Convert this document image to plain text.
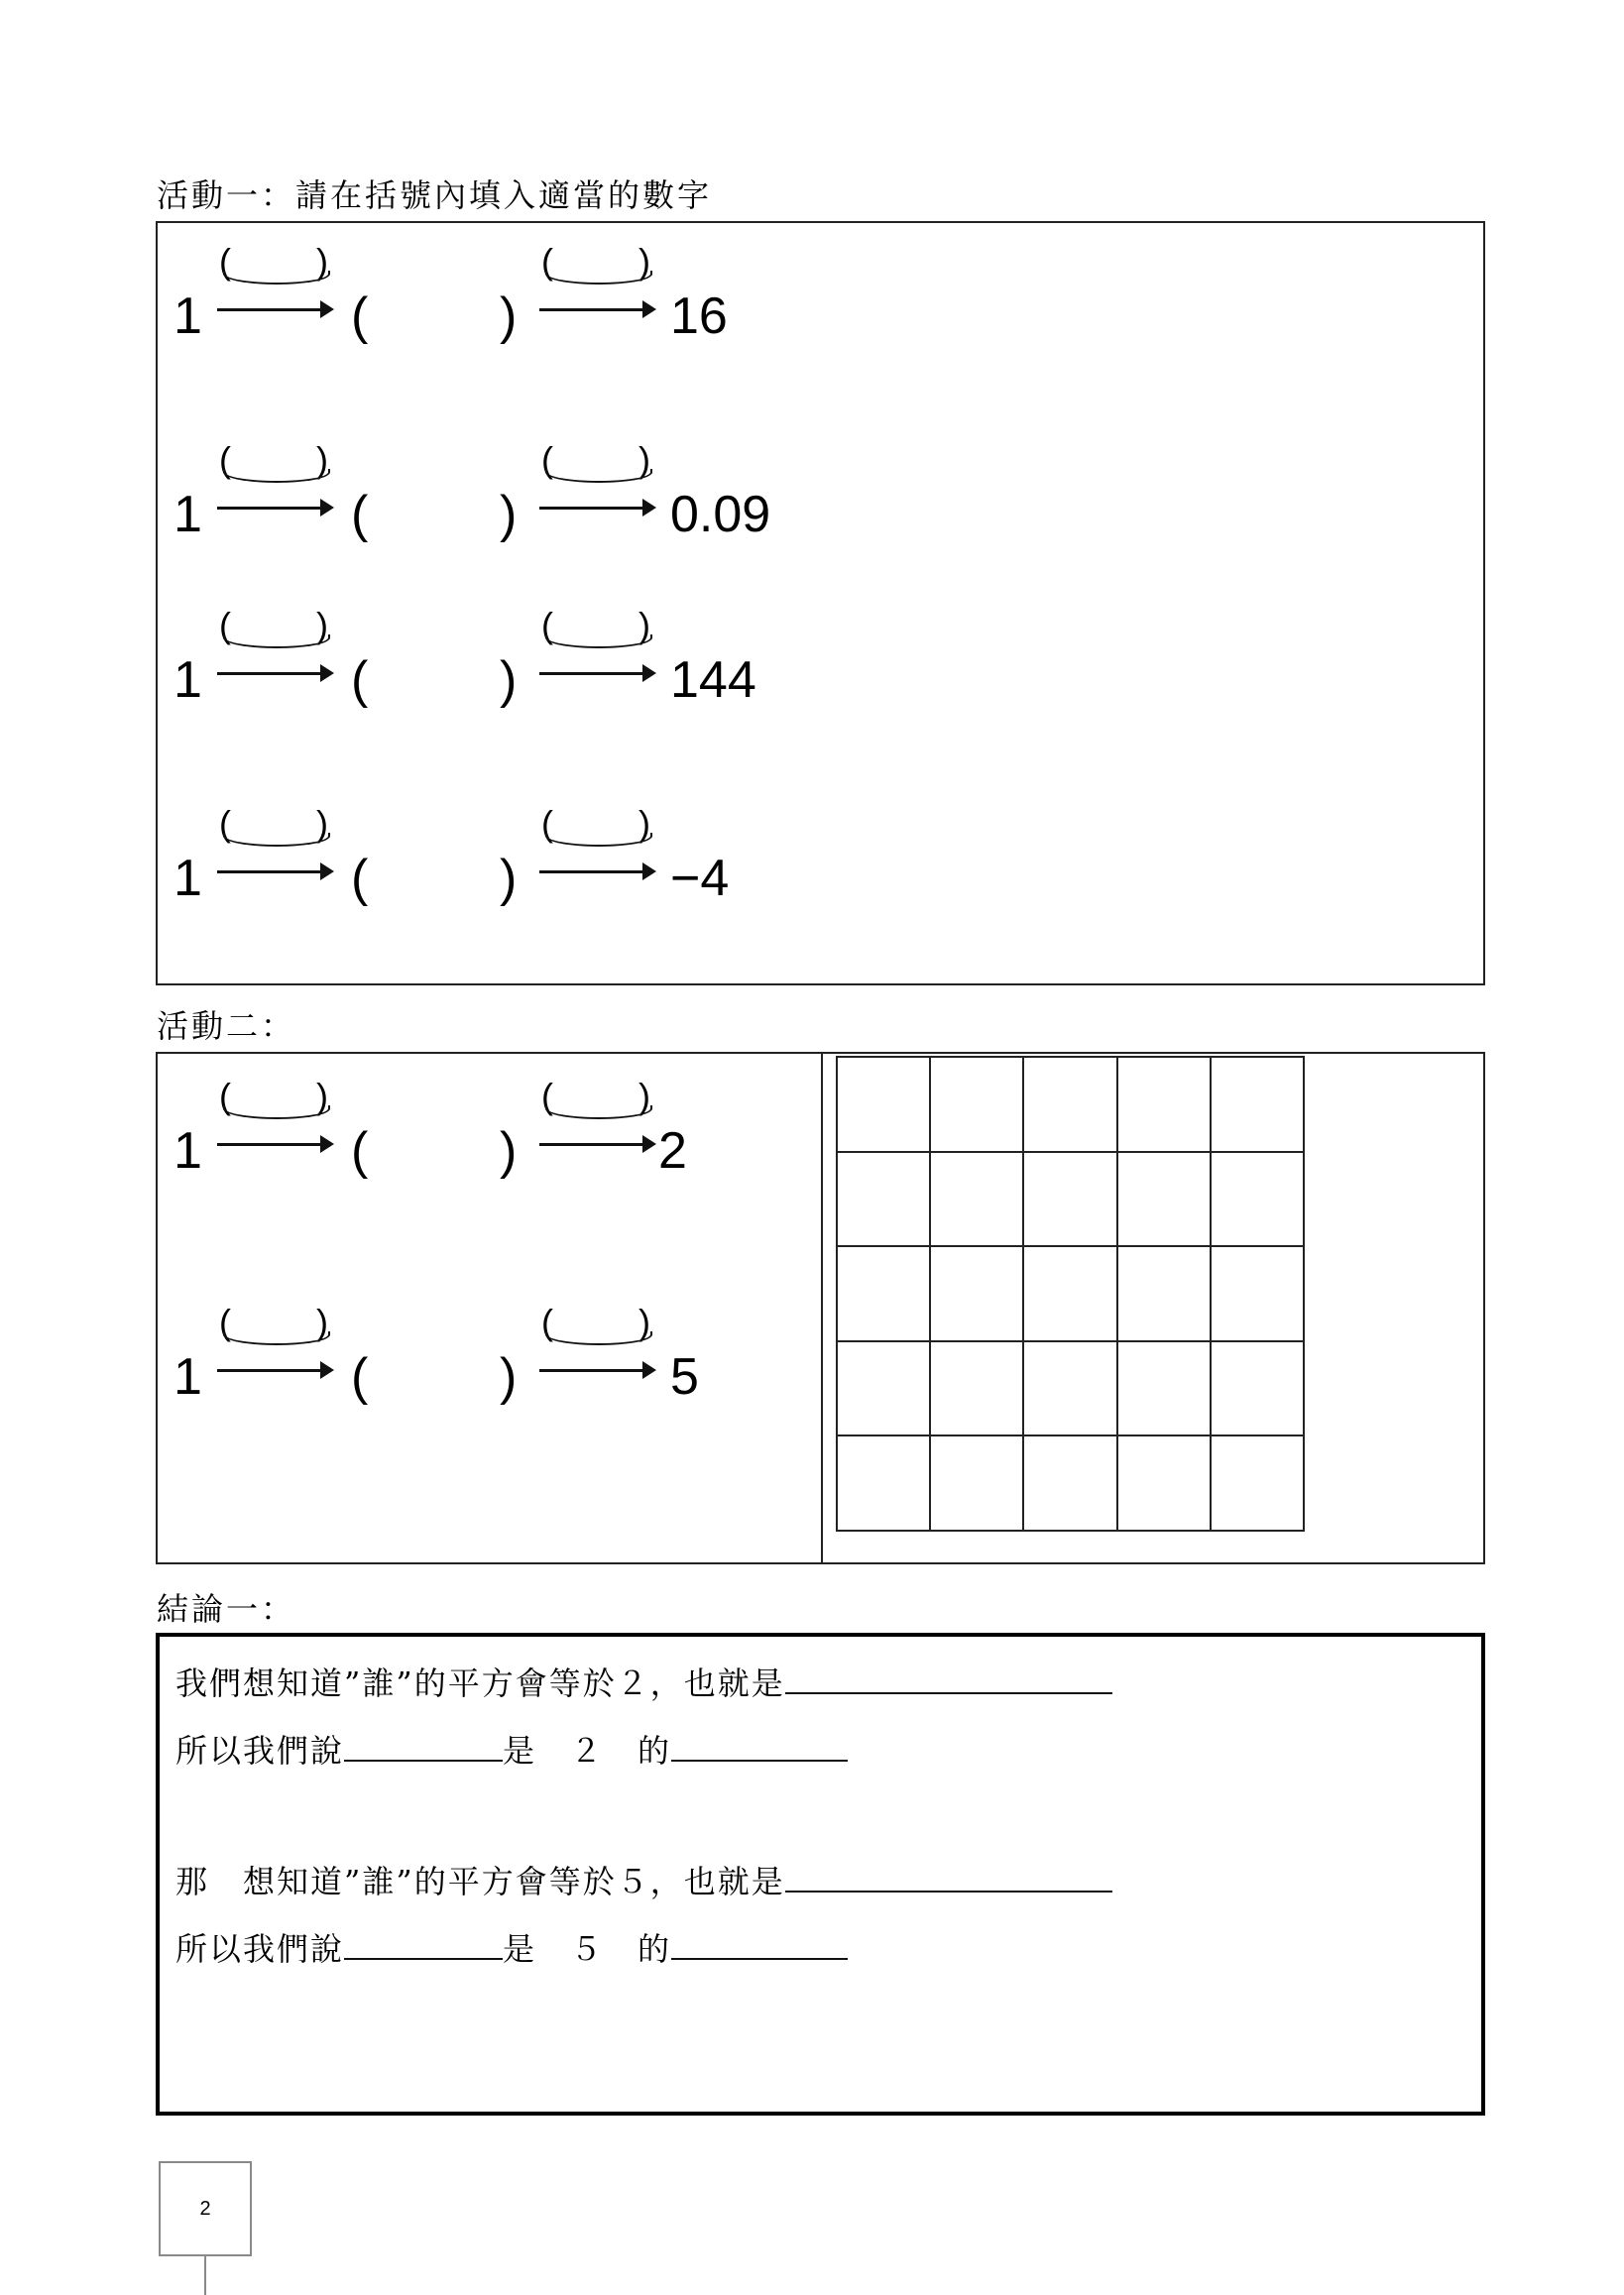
活動一：請在括號內填入適當的數字
1
( )
(	)
( )
16
1
( )
(	)
( )
0.09
1
( )
(	)
( )
144
1
( )
(	)
( )
−4
活動二：
1
( )
(	)
( )
2
1
( )
(	)
( )
5
結論一：
我們想知道”誰”的平方會等於２，也就是
所以我們說	是　２　的
那　想知道”誰”的平方會等於５，也就是
所以我們說	是　５　的
2
